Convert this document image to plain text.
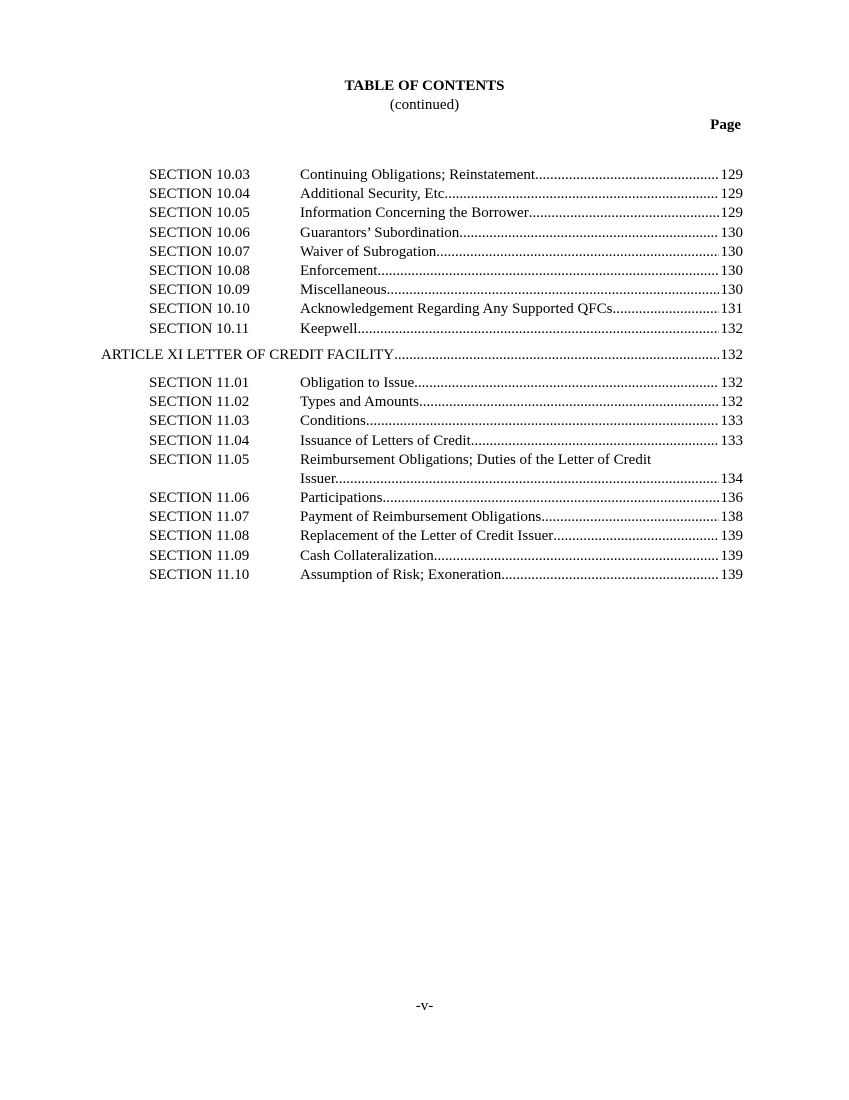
TABLE OF CONTENTS
(continued)
Page
SECTION 10.03	Continuing Obligations; Reinstatement .....	129
SECTION 10.04	Additional Security, Etc .....	129
SECTION 10.05	Information Concerning the Borrower .....	129
SECTION 10.06	Guarantors’ Subordination .....	130
SECTION 10.07	Waiver of Subrogation .....	130
SECTION 10.08	Enforcement .....	130
SECTION 10.09	Miscellaneous .....	130
SECTION 10.10	Acknowledgement Regarding Any Supported QFCs .....	131
SECTION 10.11	Keepwell. .....	132
ARTICLE XI LETTER OF CREDIT FACILITY .....	132
SECTION 11.01	Obligation to Issue .....	132
SECTION 11.02	Types and Amounts .....	132
SECTION 11.03	Conditions .....	133
SECTION 11.04	Issuance of Letters of Credit. .....	133
SECTION 11.05	Reimbursement Obligations; Duties of the Letter of Credit
Issuer. .....	134
SECTION 11.06	Participations .....	136
SECTION 11.07	Payment of Reimbursement Obligations. .....	138
SECTION 11.08	Replacement of the Letter of Credit Issuer .....	139
SECTION 11.09	Cash Collateralization .....	139
SECTION 11.10	Assumption of Risk; Exoneration. .....	139
-v-
